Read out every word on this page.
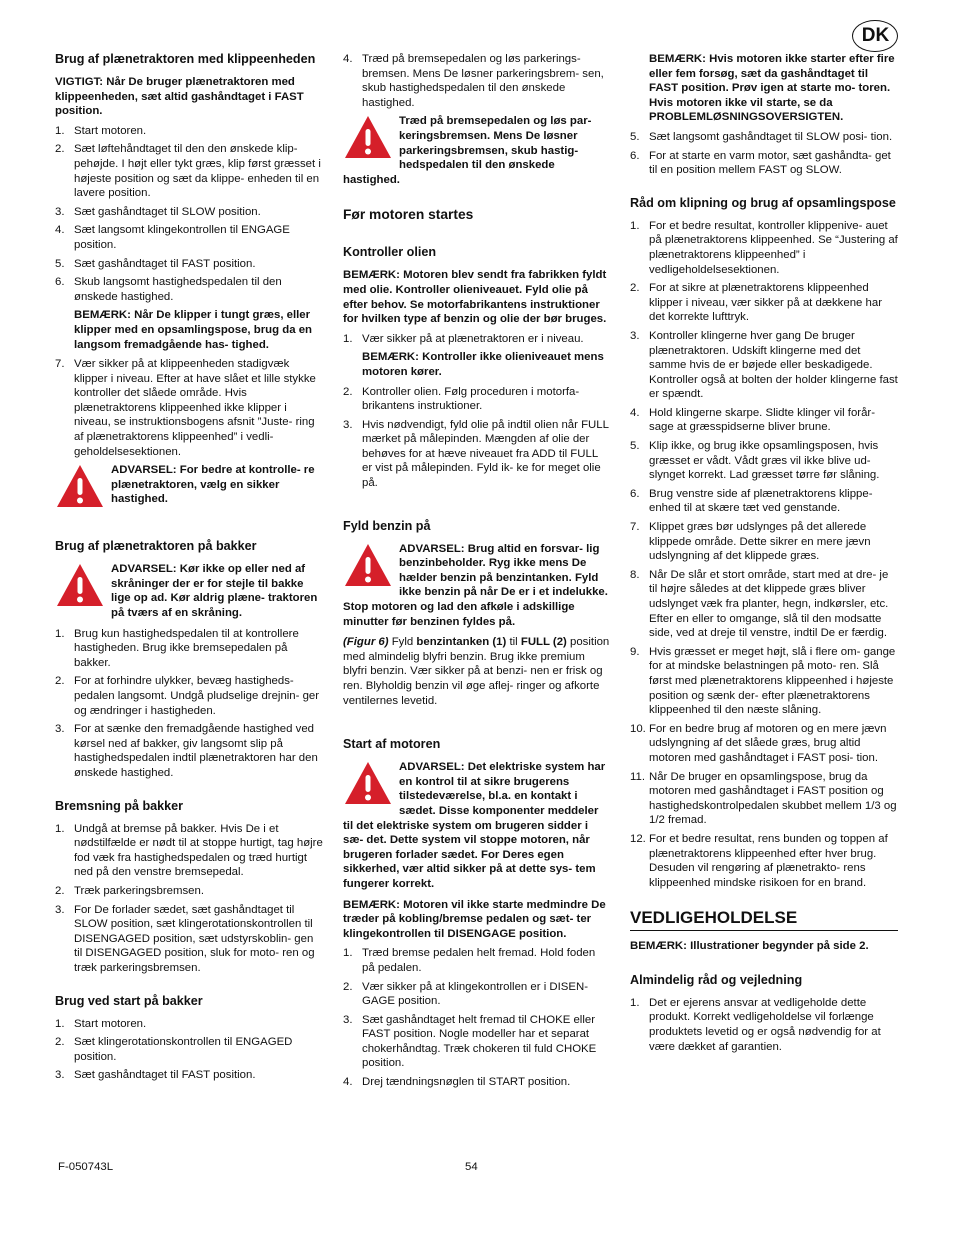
DK
Brug af plænetraktoren med klippeenheden
VIGTIGT: Når De bruger plænetraktoren med klippeenheden, sæt altid gashåndtaget i FAST position.
1. Start motoren.
2. Sæt løftehåndtaget til den den ønskede klip- pehøjde. I højt eller tykt græs, klip først græsset i højeste position og sæt da klippe- enheden til en lavere position.
3. Sæt gashåndtaget til SLOW position.
4. Sæt langsomt klingekontrollen til ENGAGE position.
5. Sæt gashåndtaget til FAST position.
6. Skub langsomt hastighedspedalen til den ønskede hastighed.
BEMÆRK: Når De klipper i tungt græs, eller klipper med en opsamlingspose, brug da en langsom fremadgående has- tighed.
7. Vær sikker på at klippeenheden stadigvæk klipper i niveau. Efter at have slået et lille stykke kontroller det slåede område. Hvis plænetraktorens klippeenhed ikke klipper i niveau, se instruktionsbogens afsnit ”Juste- ring af plænetraktorens klippeenhed” i vedli- geholdelsesektionen.
ADVARSEL: For bedre at kontrolle- re plænetraktoren, vælg en sikker hastighed.
Brug af plænetraktoren på bakker
ADVARSEL: Kør ikke op eller ned af skråninger der er for stejle til bakke lige op ad. Kør aldrig plæne- traktoren på tværs af en skråning.
1. Brug kun hastighedspedalen til at kontrollere hastigheden. Brug ikke bremsepedalen på bakker.
2. For at forhindre ulykker, bevæg hastigheds- pedalen langsomt. Undgå pludselige drejnin- ger og ændringer i hastigheden.
3. For at sænke den fremadgående hastighed ved kørsel ned af bakker, giv langsomt slip på hastighedspedalen indtil plænetraktoren har den ønskede hastighed.
Bremsning på bakker
1. Undgå at bremse på bakker. Hvis De i et nødstilfælde er nødt til at stoppe hurtigt, tag højre fod væk fra hastighedspedalen og træd hurtigt ned på den venstre bremsepedal.
2. Træk parkeringsbremsen.
3. For De forlader sædet, sæt gashåndtaget til SLOW position, sæt klingerotationskontrollen til DISENGAGED position, sæt udstyrskoblin- gen til DISENGAGED position, sluk for moto- ren og træk parkeringsbremsen.
Brug ved start på bakker
1. Start motoren.
2. Sæt klingerotationskontrollen til ENGAGED position.
3. Sæt gashåndtaget til FAST position.
4. Træd på bremsepedalen og løs parkerings- bremsen. Mens De løsner parkeringsbrem- sen, skub hastighedspedalen til den ønskede hastighed.
Træd på bremsepedalen og løs par- keringsbremsen. Mens De løsner parkeringsbremsen, skub hastig- hedspedalen til den ønskede hastighed.
Før motoren startes
Kontroller olien
BEMÆRK: Motoren blev sendt fra fabrikken fyldt med olie. Kontroller olieniveauet. Fyld olie på efter behov. Se motorfabrikantens instruktioner for hvilken type af benzin og olie der bør bruges.
1. Vær sikker på at plænetraktoren er i niveau.
BEMÆRK: Kontroller ikke olieniveauet mens motoren kører.
2. Kontroller olien. Følg proceduren i motorfa- brikantens instruktioner.
3. Hvis nødvendigt, fyld olie på indtil olien når FULL mærket på målepinden. Mængden af olie der behøves for at hæve niveauet fra ADD til FULL er vist på målepinden. Fyld ik- ke for meget olie på.
Fyld benzin på
ADVARSEL: Brug altid en forsvar- lig benzinbeholder. Ryg ikke mens De hælder benzin på benzintanken. Fyld ikke benzin på når De er i et indelukke. Stop motoren og lad den afkøle i adskillige minutter før benzinen fyldes på.

(Figur 6) Fyld benzintanken (1) til FULL (2) position med almindelig blyfri benzin. Brug ikke premium blyfri benzin. Vær sikker på at benzi- nen er frisk og ren. Blyholdig benzin vil øge aflej- ringer og afkorte ventilernes levetid.

Start af motoren
ADVARSEL: Det elektriske system har en kontrol til at sikre brugerens tilstedeværelse, bl.a. en kontakt i sædet. Disse komponenter meddeler til det elektriske system om brugeren sidder i sæ- det. Dette system vil stoppe motoren, når brugeren forlader sædet. For Deres egen sikkerhed, vær altid sikker på at dette sys- tem fungerer korrekt.
BEMÆRK: Motoren vil ikke starte medmindre De træder på kobling/bremse pedalen og sæt- ter klingekontrollen til DISENGAGE position.
1. Træd bremse pedalen helt fremad. Hold foden på pedalen.
2. Vær sikker på at klingekontrollen er i DISEN- GAGE position.
3. Sæt gashåndtaget helt fremad til CHOKE eller FAST position. Nogle modeller har et separat chokerhåndtag. Træk chokeren til fuld CHOKE position.
4. Drej tændningsnøglen til START position.
BEMÆRK: Hvis motoren ikke starter efter fire eller fem forsøg, sæt da gashåndtaget til FAST position. Prøv igen at starte mo- toren. Hvis motoren ikke vil starte, se da PROBLEMLØSNINGSOVERSIGTEN.
5. Sæt langsomt gashåndtaget til SLOW posi- tion.
6. For at starte en varm motor, sæt gashåndta- get til en position mellem FAST og SLOW.
Råd om klipning og brug af opsamlingspose
1. For et bedre resultat, kontroller klippenive- auet på plænetraktorens klippeenhed. Se “Justering af plænetraktorens klippeenhed” i vedligeholdelsesektionen.
2. For at sikre at plænetraktorens klippeenhed klipper i niveau, vær sikker på at dækkene har det korrekte lufttryk.
3. Kontroller klingerne hver gang De bruger plænetraktoren. Udskift klingerne med det samme hvis de er bøjede eller beskadigede. Kontroller også at bolten der holder klingerne fast er spændt.
4. Hold klingerne skarpe. Slidte klinger vil forår- sage at græsspidserne bliver brune.
5. Klip ikke, og brug ikke opsamlingsposen, hvis græsset er vådt. Vådt græs vil ikke blive ud- slynget korrekt. Lad græsset tørre før slåning.
6. Brug venstre side af plænetraktorens klippe- enhed til at skære tæt ved genstande.
7. Klippet græs bør udslynges på det allerede klippede område. Dette sikrer en mere jævn udslyngning af det klippede græs.
8. Når De slår et stort område, start med at dre- je til højre således at det klippede græs bliver udslynget væk fra planter, hegn, indkørsler, etc. Efter en eller to omgange, slå til den modsatte side, ved at dreje til venstre, indtil De er færdig.
9. Hvis græsset er meget højt, slå i flere om- gange for at mindske belastningen på moto- ren. Slå først med plænetraktorens klippeenhed i højeste position og sænk der- efter plænetraktorens klippeenhed til den næste slåning.
10. For en bedre brug af motoren og en mere jævn udslyngning af det slåede græs, brug altid motoren med gashåndtaget i FAST posi- tion.
11. Når De bruger en opsamlingspose, brug da motoren med gashåndtaget i FAST position og hastighedskontrolpedalen skubbet mellem 1/3 og 1/2 fremad.
12. For et bedre resultat, rens bunden og toppen af plænetraktorens klippeenhed efter hver brug. Desuden vil rengøring af plænetrakto- rens klippeenhed mindske risikoen for en brand.
VEDLIGEHOLDELSE
BEMÆRK: Illustrationer begynder på side 2.
Almindelig råd og vejledning
1. Det er ejerens ansvar at vedligeholde dette produkt. Korrekt vedligeholdelse vil forlænge produktets levetid og er også nødvendig for at være dækket af garantien.
F-050743L	54
